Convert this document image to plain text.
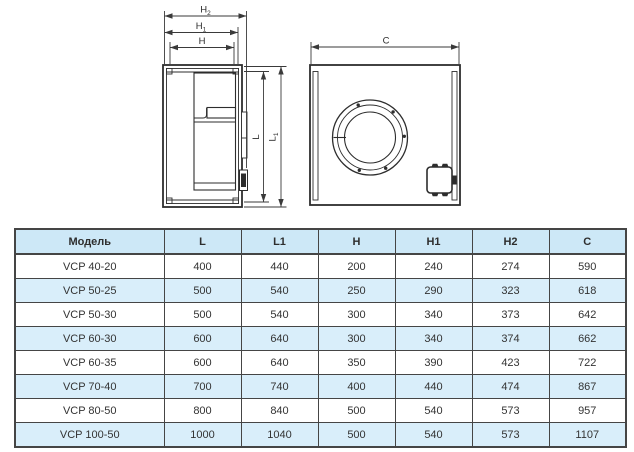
$H_2$
$H_1$
H
L $L_1$
C
Модель	L	L1	H	H1	H2	C
VCP 40-20	400	440	200	240	274	590
VCP 50-25	500	540	250	290	323	618
VCP 50-30	500	540	300	340	373	642
VCP 60-30	600	640	300	340	374	662
VCP 60-35	600	640	350	390	423	722
VCP 70-40	700	740	400	440	474	867
VCP 80-50	800	840	500	540	573	957
VCP 100-50	1000	1040	500	540	573	1107
